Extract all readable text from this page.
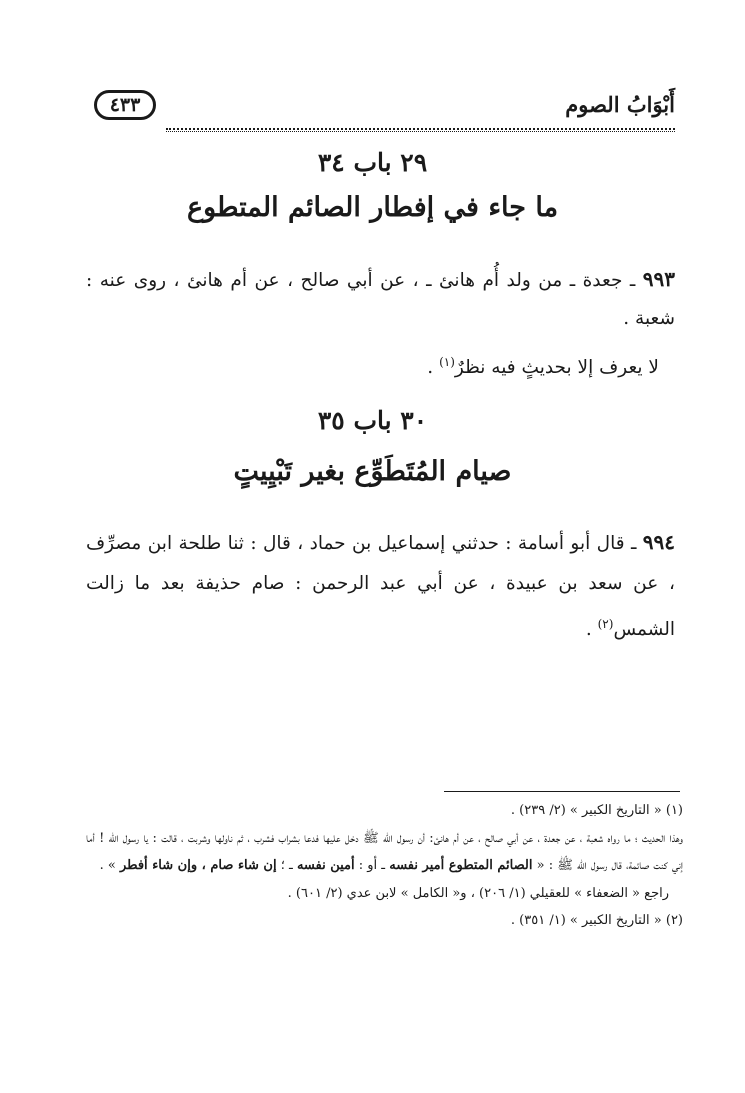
أَبْوَابُ الصوم
٤٣٣
٢٩ باب ٣٤
ما جاء في إفطار الصائم المتطوع
٩٩٣ ـ جعدة ـ من ولد أُم هانئ ـ ، عن أبي صالح ، عن أم هانئ ، روى عنه : شعبة .
لا يعرف إلا بحديثٍ فيه نظرٌ$^{(١)}$ .
٣٠ باب ٣٥
صيام المُتَطَوِّع بغير تَبْيِيتٍ
٩٩٤ ـ قال أبو أسامة : حدثني إسماعيل بن حماد ، قال : ثنا طلحة ابن مصرِّف ، عن سعد بن عبيدة ، عن أبي عبد الرحمن : صام حذيفة بعد ما زالت الشمس$^{(٢)}$ .

(١) « التاريخ الكبير » (٢/ ٢٣٩) .

وهذا الحديث ؛ ما رواه شعبة ، عن جعدة ، عن أبي صالح ، عن أم هانئ: أن رسول الله ﷺ دخل عليها فدعا بشراب فشرب ، ثم ناولها وشربت ، قالت : يا رسول الله ! أما إني كنت صائمة، قال رسول الله ﷺ : « الصائم المتطوع أمير نفسه ـ أو : أمين نفسه ـ ؛ إن شاء صام ، وإن شاء أفطر » .

راجع « الضعفاء » للعقيلي (١/ ٢٠٦) ، و« الكامل » لابن عدي (٢/ ٦٠١) .

(٢) « التاريخ الكبير » (١/ ٣٥١) .
